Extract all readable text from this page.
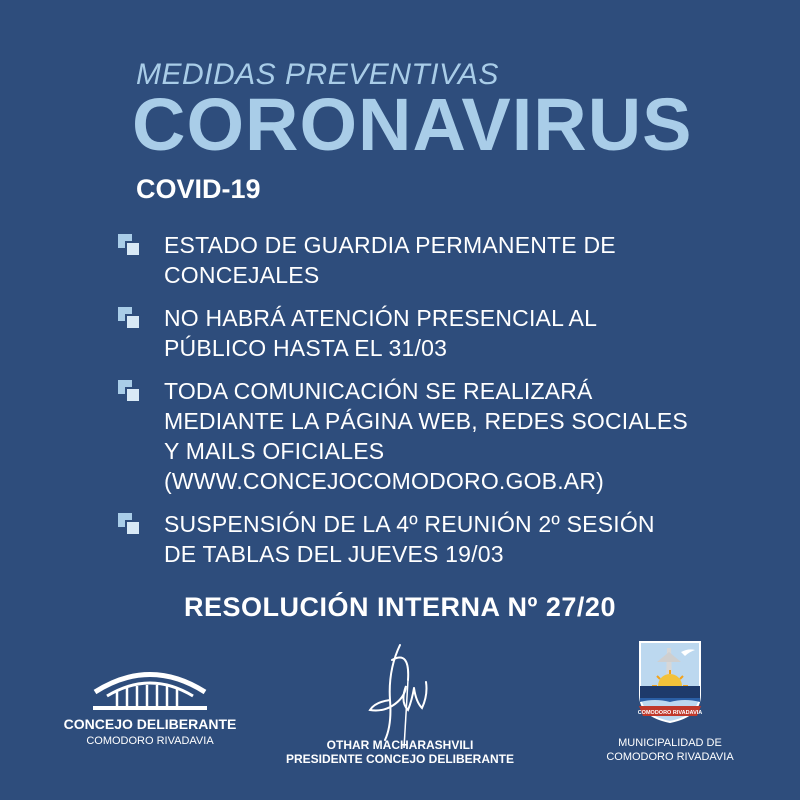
MEDIDAS PREVENTIVAS
CORONAVIRUS
COVID-19
ESTADO DE GUARDIA PERMANENTE DE
CONCEJALES
NO HABRÁ ATENCIÓN PRESENCIAL AL
PÚBLICO HASTA EL 31/03
TODA COMUNICACIÓN SE REALIZARÁ
MEDIANTE LA PÁGINA WEB, REDES SOCIALES
Y MAILS OFICIALES
(WWW.CONCEJOCOMODORO.GOB.AR)
SUSPENSIÓN DE LA 4º REUNIÓN 2º SESIÓN
DE TABLAS DEL JUEVES 19/03
RESOLUCIÓN INTERNA Nº 27/20
CONCEJO DELIBERANTE
COMODORO RIVADAVIA	OTHAR MACHARASHVILI
PRESIDENTE CONCEJO DELIBERANTE
COMODORO RIVADAVIA
MUNICIPALIDAD DE
COMODORO RIVADAVIA
